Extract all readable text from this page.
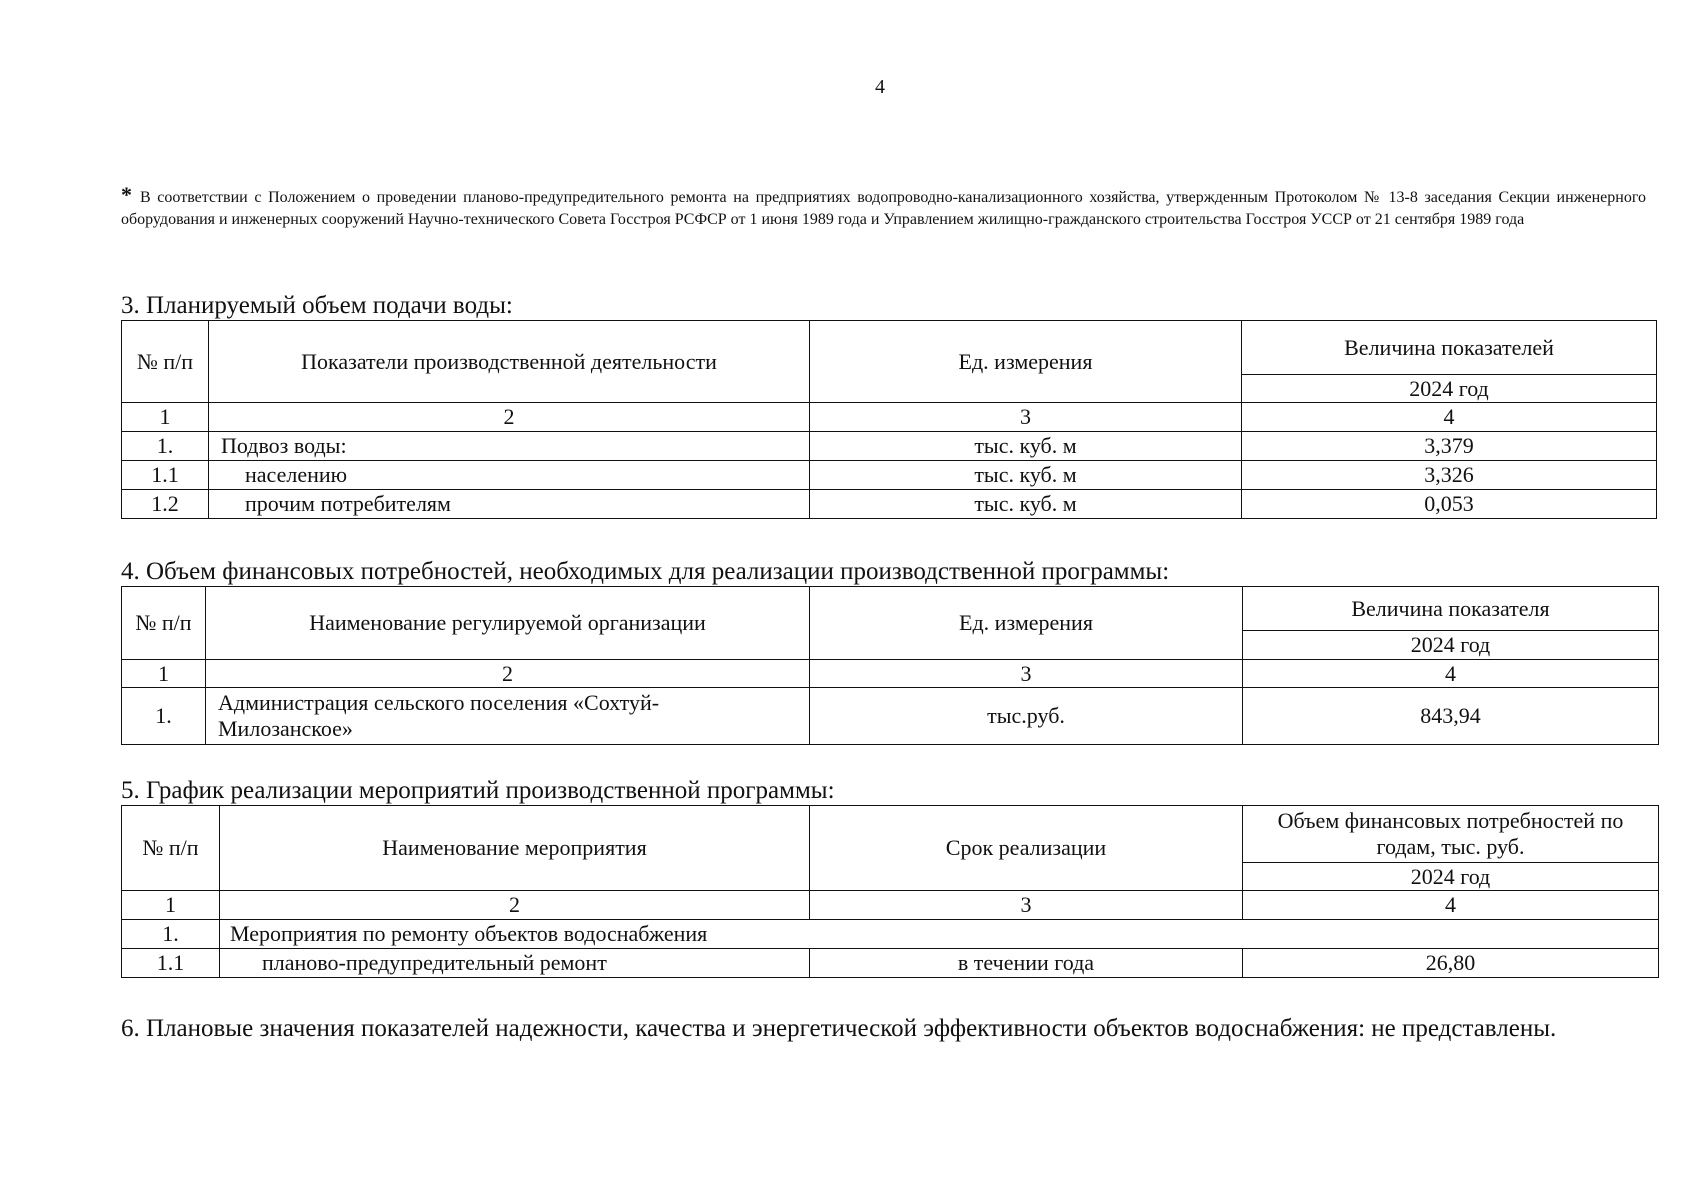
4
* В соответствии с Положением о проведении планово-предупредительного ремонта на предприятиях водопроводно-канализационного хозяйства, утвержденным Протоколом № 13-8 заседания Секции инженерного оборудования и инженерных сооружений Научно-технического Совета Госстроя РСФСР от 1 июня 1989 года и Управлением жилищно-гражданского строительства Госстроя УССР от 21 сентября 1989 года
3. Планируемый объем подачи воды:
№ п/п	Показатели производственной деятельности	Ед. измерения	Величина показателей
			2024 год
1	2	3	4
1.	Подвоз воды:	тыс. куб. м	3,379
1.1	населению	тыс. куб. м	3,326
1.2	прочим потребителям	тыс. куб. м	0,053
4. Объем финансовых потребностей, необходимых для реализации производственной программы:
№ п/п	Наименование регулируемой организации	Ед. измерения	Величина показателя
			2024 год
1	2	3	4
1.	Администрация сельского поселения «Сохтуй-Милозанское»	тыс.руб.	843,94
5. График реализации мероприятий производственной программы:
№ п/п	Наименование мероприятия	Срок реализации	Объем финансовых потребностей по годам, тыс. руб.
			2024 год
1	2	3	4
1.	Мероприятия по ремонту объектов водоснабжения		
1.1	планово-предупредительный ремонт	в течении года	26,80
6. Плановые значения показателей надежности, качества и энергетической эффективности объектов водоснабжения: не представлены.
